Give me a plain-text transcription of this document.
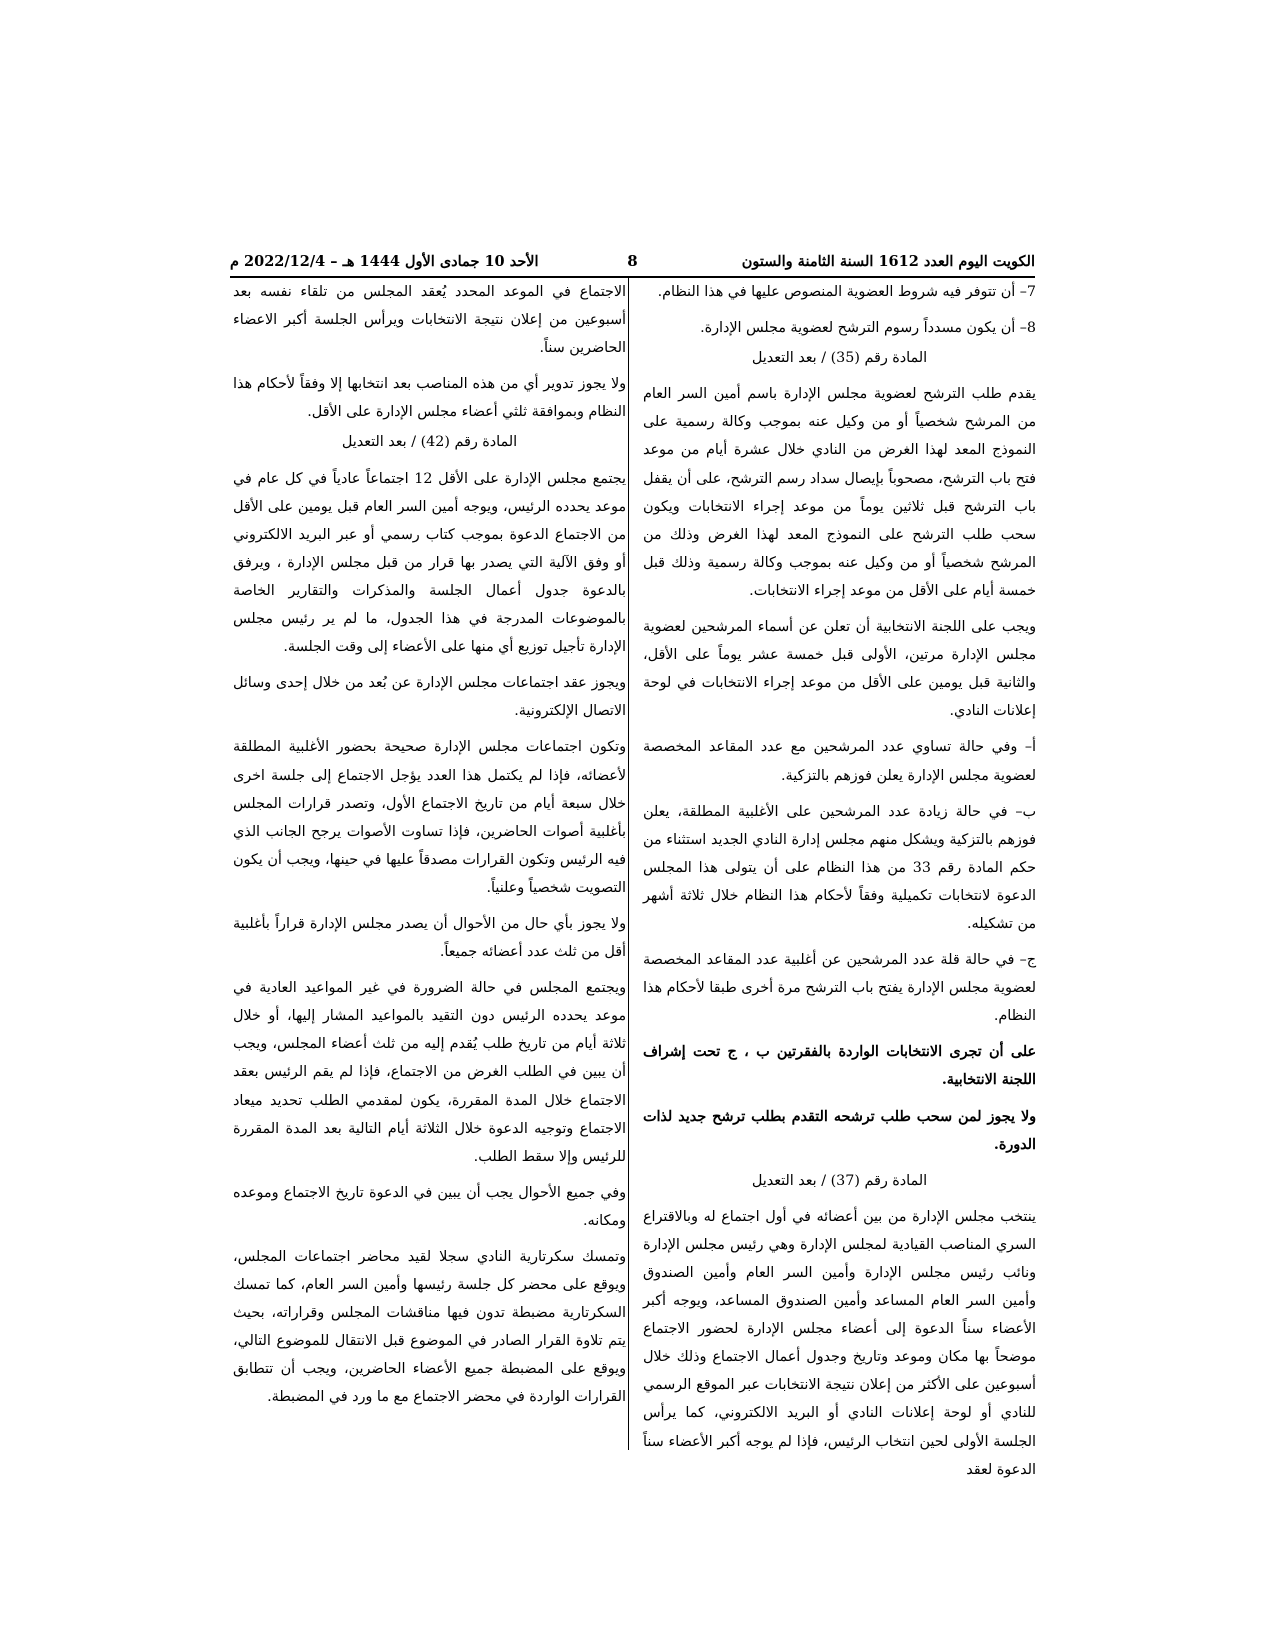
الكويت اليوم العدد 1612 السنة الثامنة والستون
8
الأحد 10 جمادى الأول 1444 هـ – 2022/12/4 م

7– أن تتوفر فيه شروط العضوية المنصوص عليها في هذا النظام.

8– أن يكون مسدداً رسوم الترشح لعضوية مجلس الإدارة.

المادة رقم (35) / بعد التعديل

يقدم طلب الترشح لعضوية مجلس الإدارة باسم أمين السر العام من المرشح شخصياً أو من وكيل عنه بموجب وكالة رسمية على النموذج المعد لهذا الغرض من النادي خلال عشرة أيام من موعد فتح باب الترشح، مصحوباً بإيصال سداد رسم الترشح، على أن يقفل باب الترشح قبل ثلاثين يوماً من موعد إجراء الانتخابات ويكون سحب طلب الترشح على النموذج المعد لهذا الغرض وذلك من المرشح شخصياً أو من وكيل عنه بموجب وكالة رسمية وذلك قبل خمسة أيام على الأقل من موعد إجراء الانتخابات.

ويجب على اللجنة الانتخابية أن تعلن عن أسماء المرشحين لعضوية مجلس الإدارة مرتين، الأولى قبل خمسة عشر يوماً على الأقل، والثانية قبل يومين على الأقل من موعد إجراء الانتخابات في لوحة إعلانات النادي.

أ– وفي حالة تساوي عدد المرشحين مع عدد المقاعد المخصصة لعضوية مجلس الإدارة يعلن فوزهم بالتزكية.

ب– في حالة زيادة عدد المرشحين على الأغلبية المطلقة، يعلن فوزهم بالتزكية ويشكل منهم مجلس إدارة النادي الجديد استثناء من حكم المادة رقم 33 من هذا النظام على أن يتولى هذا المجلس الدعوة لانتخابات تكميلية وفقاً لأحكام هذا النظام خلال ثلاثة أشهر من تشكيله.

ج– في حالة قلة عدد المرشحين عن أغلبية عدد المقاعد المخصصة لعضوية مجلس الإدارة يفتح باب الترشح مرة أخرى طبقا لأحكام هذا النظام.

على أن تجرى الانتخابات الواردة بالفقرتين ب ، ج تحت إشراف اللجنة الانتخابية.

ولا يجوز لمن سحب طلب ترشحه التقدم بطلب ترشح جديد لذات الدورة.

المادة رقم (37) / بعد التعديل

ينتخب مجلس الإدارة من بين أعضائه في أول اجتماع له وبالاقتراع السري المناصب القيادية لمجلس الإدارة وهي رئيس مجلس الإدارة ونائب رئيس مجلس الإدارة وأمين السر العام وأمين الصندوق وأمين السر العام المساعد وأمين الصندوق المساعد، ويوجه أكبر الأعضاء سناً الدعوة إلى أعضاء مجلس الإدارة لحضور الاجتماع موضحاً بها مكان وموعد وتاريخ وجدول أعمال الاجتماع وذلك خلال أسبوعين على الأكثر من إعلان نتيجة الانتخابات عبر الموقع الرسمي للنادي أو لوحة إعلانات النادي أو البريد الالكتروني، كما يرأس الجلسة الأولى لحين انتخاب الرئيس، فإذا لم يوجه أكبر الأعضاء سناً الدعوة لعقد

الاجتماع في الموعد المحدد يُعقد المجلس من تلقاء نفسه بعد أسبوعين من إعلان نتيجة الانتخابات ويرأس الجلسة أكبر الاعضاء الحاضرين سناً.

ولا يجوز تدوير أي من هذه المناصب بعد انتخابها إلا وفقاً لأحكام هذا النظام وبموافقة ثلثي أعضاء مجلس الإدارة على الأقل.

المادة رقم (42) / بعد التعديل

يجتمع مجلس الإدارة على الأقل 12 اجتماعاً عادياً في كل عام في موعد يحدده الرئيس، ويوجه أمين السر العام قبل يومين على الأقل من الاجتماع الدعوة بموجب كتاب رسمي أو عبر البريد الالكتروني أو وفق الآلية التي يصدر بها قرار من قبل مجلس الإدارة ، ويرفق بالدعوة جدول أعمال الجلسة والمذكرات والتقارير الخاصة بالموضوعات المدرجة في هذا الجدول، ما لم ير رئيس مجلس الإدارة تأجيل توزيع أي منها على الأعضاء إلى وقت الجلسة.

ويجوز عقد اجتماعات مجلس الإدارة عن بُعد من خلال إحدى وسائل الاتصال الإلكترونية.

وتكون اجتماعات مجلس الإدارة صحيحة بحضور الأغلبية المطلقة لأعضائه، فإذا لم يكتمل هذا العدد يؤجل الاجتماع إلى جلسة اخرى خلال سبعة أيام من تاريخ الاجتماع الأول، وتصدر قرارات المجلس بأغلبية أصوات الحاضرين، فإذا تساوت الأصوات يرجح الجانب الذي فيه الرئيس وتكون القرارات مصدقاً عليها في حينها، ويجب أن يكون التصويت شخصياً وعلنياً.

ولا يجوز بأي حال من الأحوال أن يصدر مجلس الإدارة قراراً بأغلبية أقل من ثلث عدد أعضائه جميعاً.

ويجتمع المجلس في حالة الضرورة في غير المواعيد العادية في موعد يحدده الرئيس دون التقيد بالمواعيد المشار إليها، أو خلال ثلاثة أيام من تاريخ طلب يُقدم إليه من ثلث أعضاء المجلس، ويجب أن يبين في الطلب الغرض من الاجتماع، فإذا لم يقم الرئيس بعقد الاجتماع خلال المدة المقررة، يكون لمقدمي الطلب تحديد ميعاد الاجتماع وتوجيه الدعوة خلال الثلاثة أيام التالية بعد المدة المقررة للرئيس وإلا سقط الطلب.

وفي جميع الأحوال يجب أن يبين في الدعوة تاريخ الاجتماع وموعده ومكانه.

وتمسك سكرتارية النادي سجلا لقيد محاضر اجتماعات المجلس، ويوقع على محضر كل جلسة رئيسها وأمين السر العام، كما تمسك السكرتارية مضبطة تدون فيها مناقشات المجلس وقراراته، بحيث يتم تلاوة القرار الصادر في الموضوع قبل الانتقال للموضوع التالي، ويوقع على المضبطة جميع الأعضاء الحاضرين، ويجب أن تتطابق القرارات الواردة في محضر الاجتماع مع ما ورد في المضبطة.
